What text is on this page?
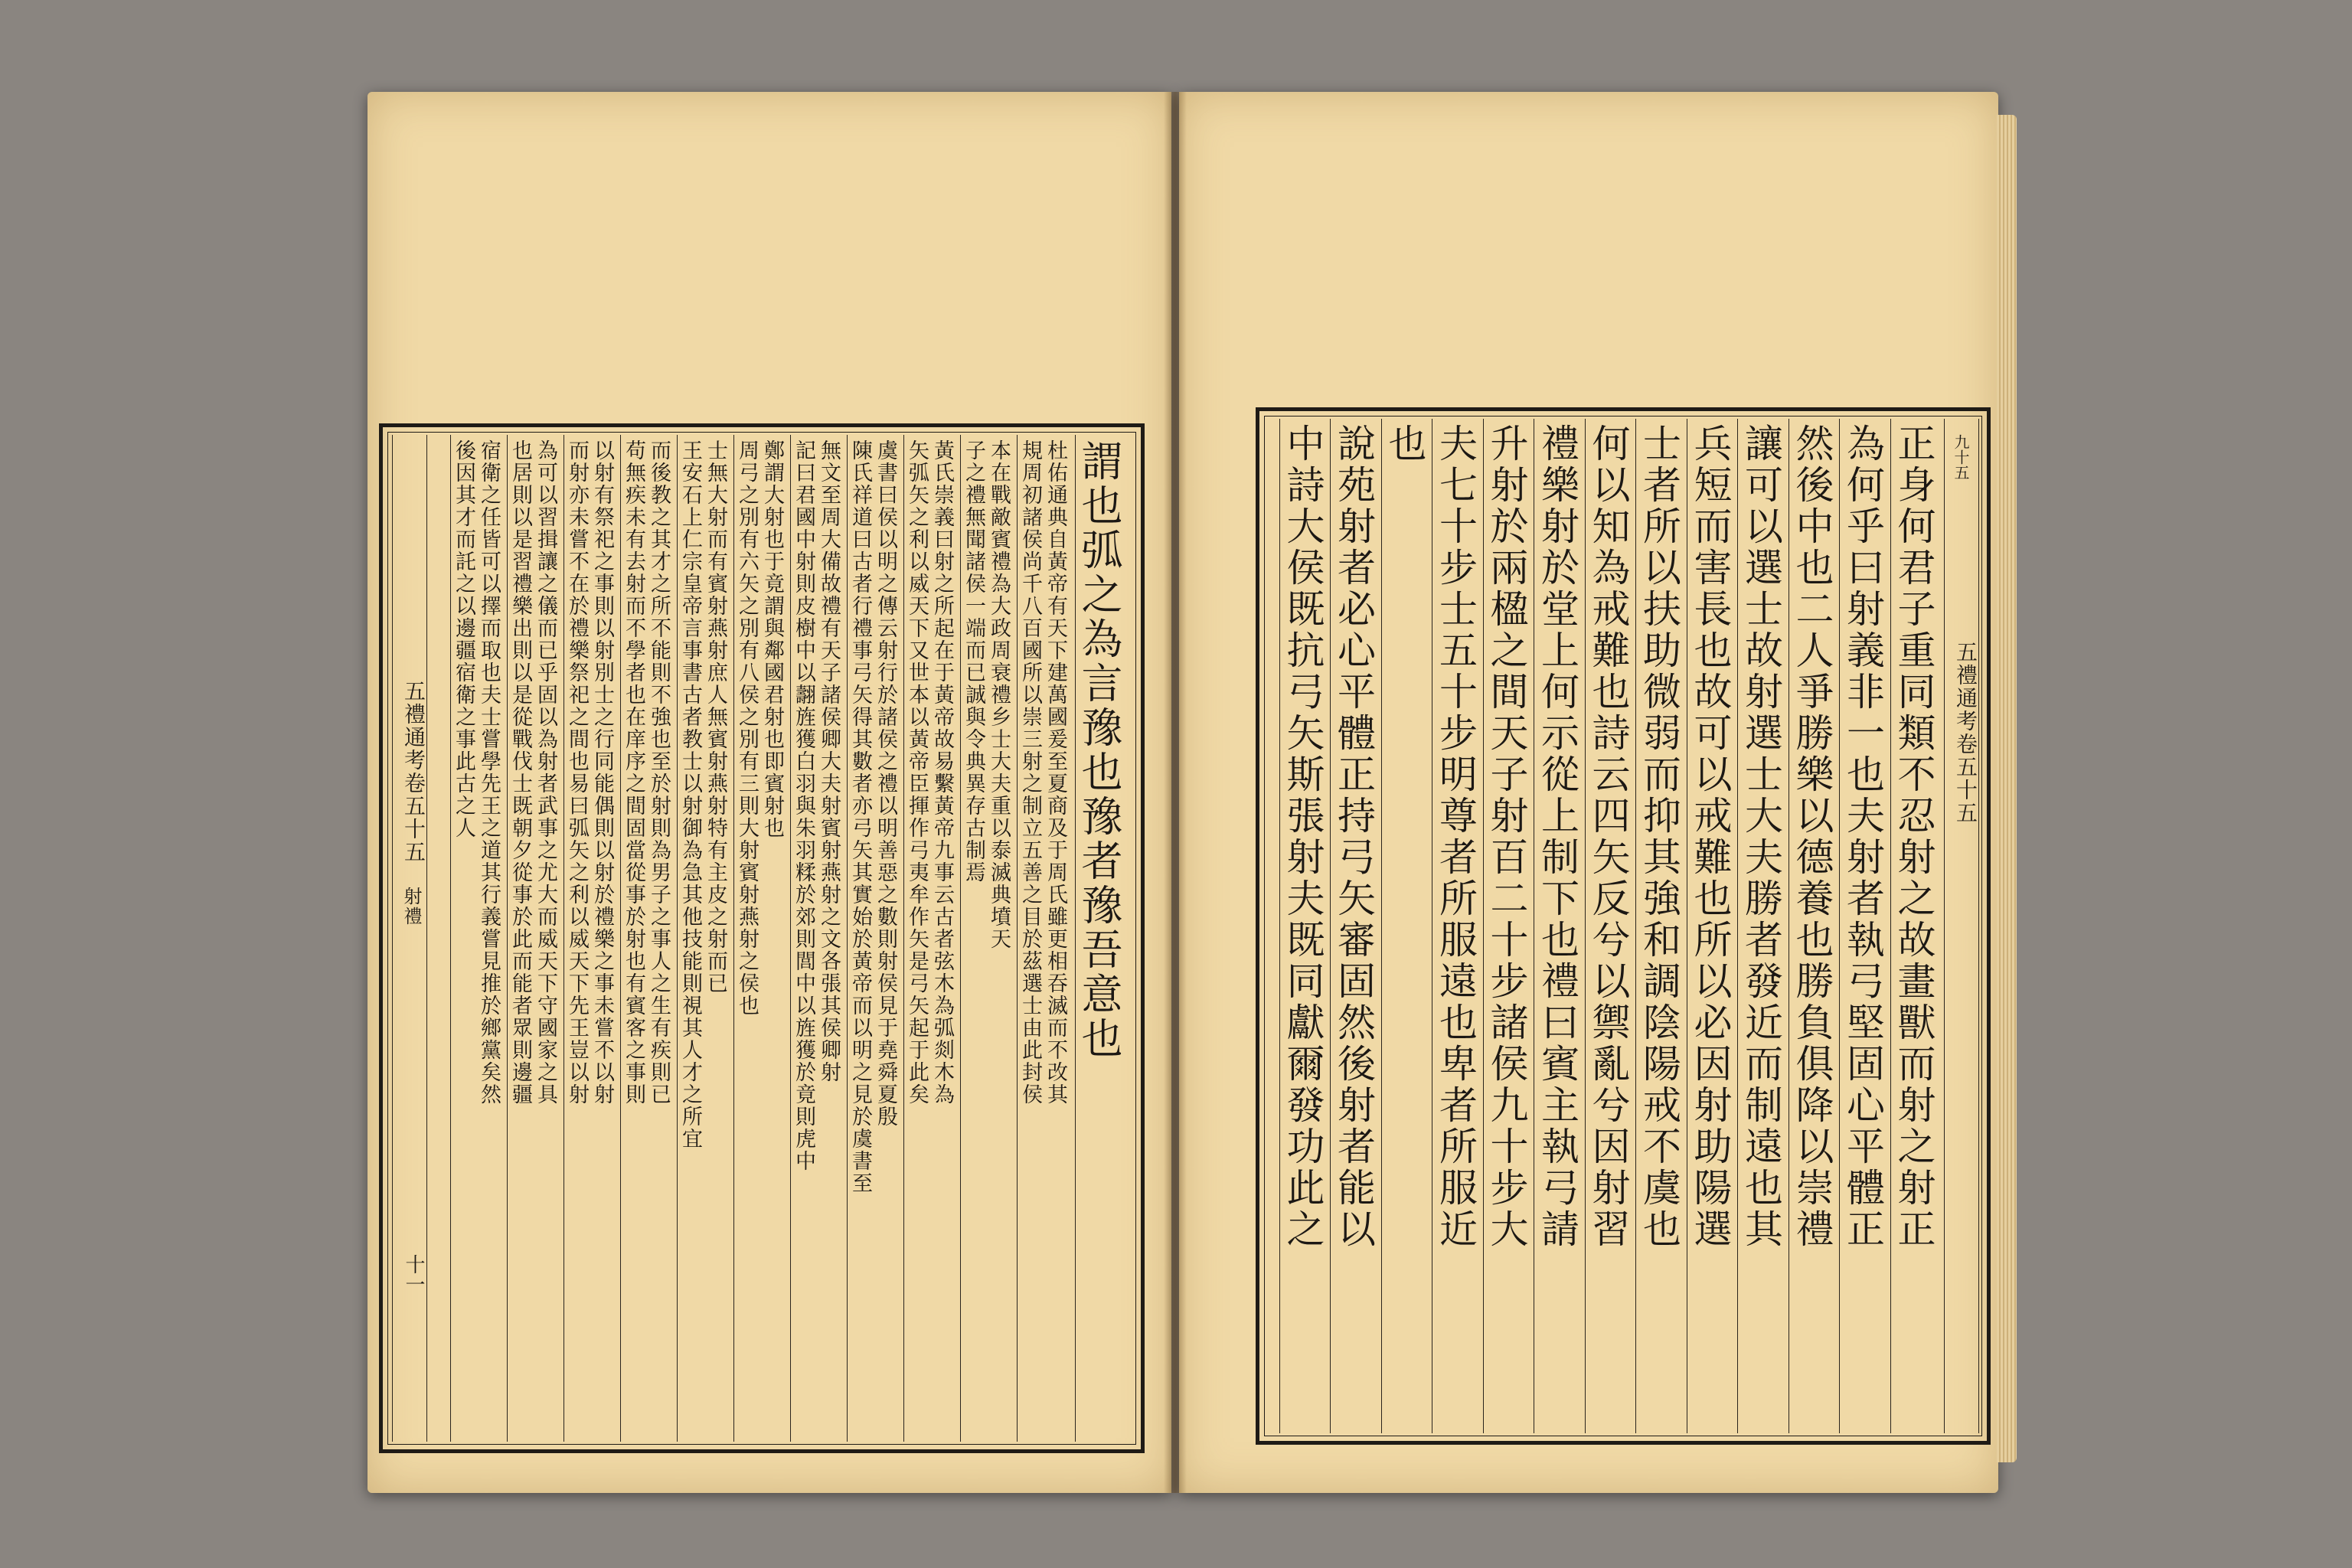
五禮通考卷五十五
射禮
十一
謂也弧之為言豫也豫者豫吾意也
杜佑通典自黃帝有天下建萬國爰至夏商及于周氏雖更相吞滅而不改其
規周初諸侯尚千八百國所以崇三射之制立五善之目於茲選士由此封侯
本在戰敵賓禮為大政周衰禮乡士大夫重以泰滅典墳天
子之禮無聞諸侯一端而已誠與令典異存古制焉
黃氏崇義曰射之所起在于黃帝故易繫黃帝九事云古者弦木為弧剡木為
矢弧矢之利以威天下又世本以黃帝臣揮作弓夷牟作矢是弓矢起于此矣
虞書曰侯以明之傳云射行於諸侯之禮以明善惡之數則射侯見于堯舜夏殷
陳氏祥道曰古者行禮事弓矢得其數者亦弓矢其實始於黃帝而以明之見於虞書至
無文至周大備故禮有天子諸侯卿大夫射賓射燕射之文各張其侯卿射
記曰君國中射則皮樹中以翿旌獲白羽與朱羽糅於郊則閭中以旌獲於竟則虎中
鄭謂大射也于竟謂與鄰國君射也即賓射也
周弓之別有六矢之別有八侯之別有三則大射賓射燕射之侯也
士無大射而有賓射燕射庶人無賓射燕射特有主皮之射而已
王安石上仁宗皇帝言事書古者教士以射御為急其他技能則視其人才之所宜
而後教之其才之所不能則不強也至於射則為男子之事人之生有疾則已
苟無疾未有去射而不學者也在庠序之間固當從事於射也有賓客之事則
以射有祭祀之事則以射別士之行同能偶則以射於禮樂之事未嘗不以射
而射亦未嘗不在於禮樂祭祀之間也易曰弧矢之利以威天下先王豈以射
為可以習揖讓之儀而已乎固以為射者武事之尤大而威天下守國家之具
也居則以是習禮樂出則以是從戰伐士既朝夕從事於此而能者眾則邊疆
宿衛之任皆可以擇而取也夫士嘗學先王之道其行義嘗見推於鄉黨矣然
後因其才而託之以邊疆宿衛之事此古之人	五禮通考卷五十五
九十五
正身何君子重同類不忍射之故畫獸而射之射正
為何乎曰射義非一也夫射者執弓堅固心平體正
然後中也二人爭勝樂以德養也勝負俱降以崇禮
讓可以選士故射選士大夫勝者發近而制遠也其
兵短而害長也故可以戒難也所以必因射助陽選
士者所以扶助微弱而抑其強和調陰陽戒不虞也
何以知為戒難也詩云四矢反兮以禦亂兮因射習
禮樂射於堂上何示從上制下也禮曰賓主執弓請
升射於兩楹之間天子射百二十步諸侯九十步大
夫七十步士五十步明尊者所服遠也卑者所服近
也
說苑射者必心平體正持弓矢審固然後射者能以
中詩大侯既抗弓矢斯張射夫既同獻爾發功此之
